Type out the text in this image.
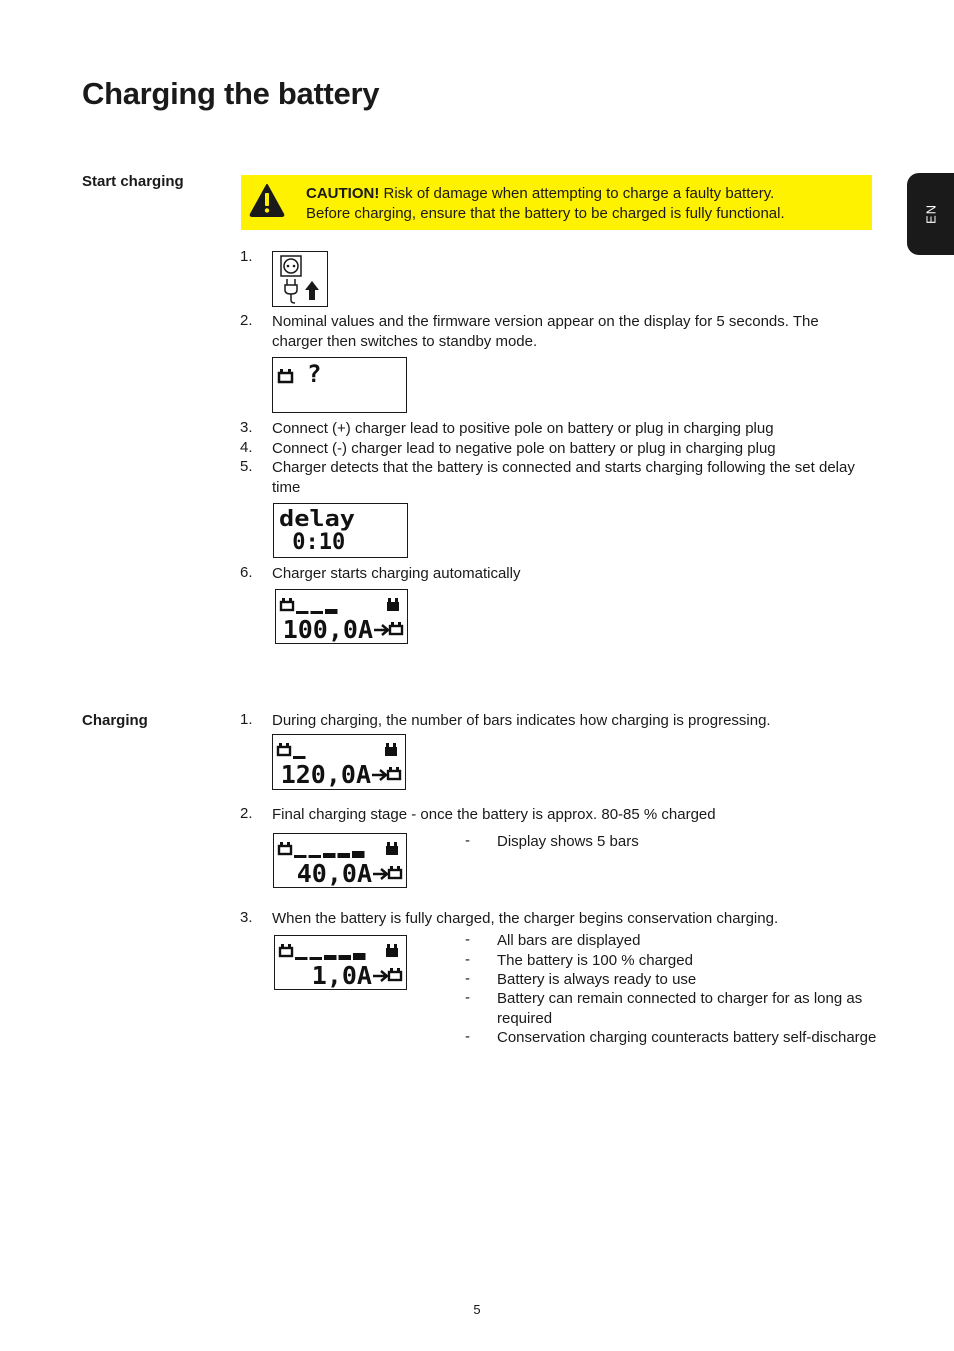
Charging the battery
EN
Start charging
CAUTION! Risk of damage when attempting to charge a faulty battery.
Before charging, ensure that the battery to be charged is fully functional.
1.
2.	Nominal values and the firmware version appear on the display for 5 seconds. The charger then switches to standby mode.
?
3.	Connect (+) charger lead to positive pole on battery or plug in charging plug
4.	Connect (-) charger lead to negative pole on battery or plug in charging plug
5.	Charger detects that the battery is connected and starts charging following the set delay time
delay
0:10
6.	Charger starts charging automatically
100,0A
Charging	1.	During charging, the number of bars indicates how charging is progressing.
120,0A
2.	Final charging stage - once the battery is approx. 80-85 % charged
40,0A
- Display shows 5 bars
3.	When the battery is fully charged, the charger begins conservation charging.
1,0A
- All bars are displayed
- The battery is 100 % charged
- Battery is always ready to use
- Battery can remain connected to charger for as long as required
- Conservation charging counteracts battery self-discharge
5
